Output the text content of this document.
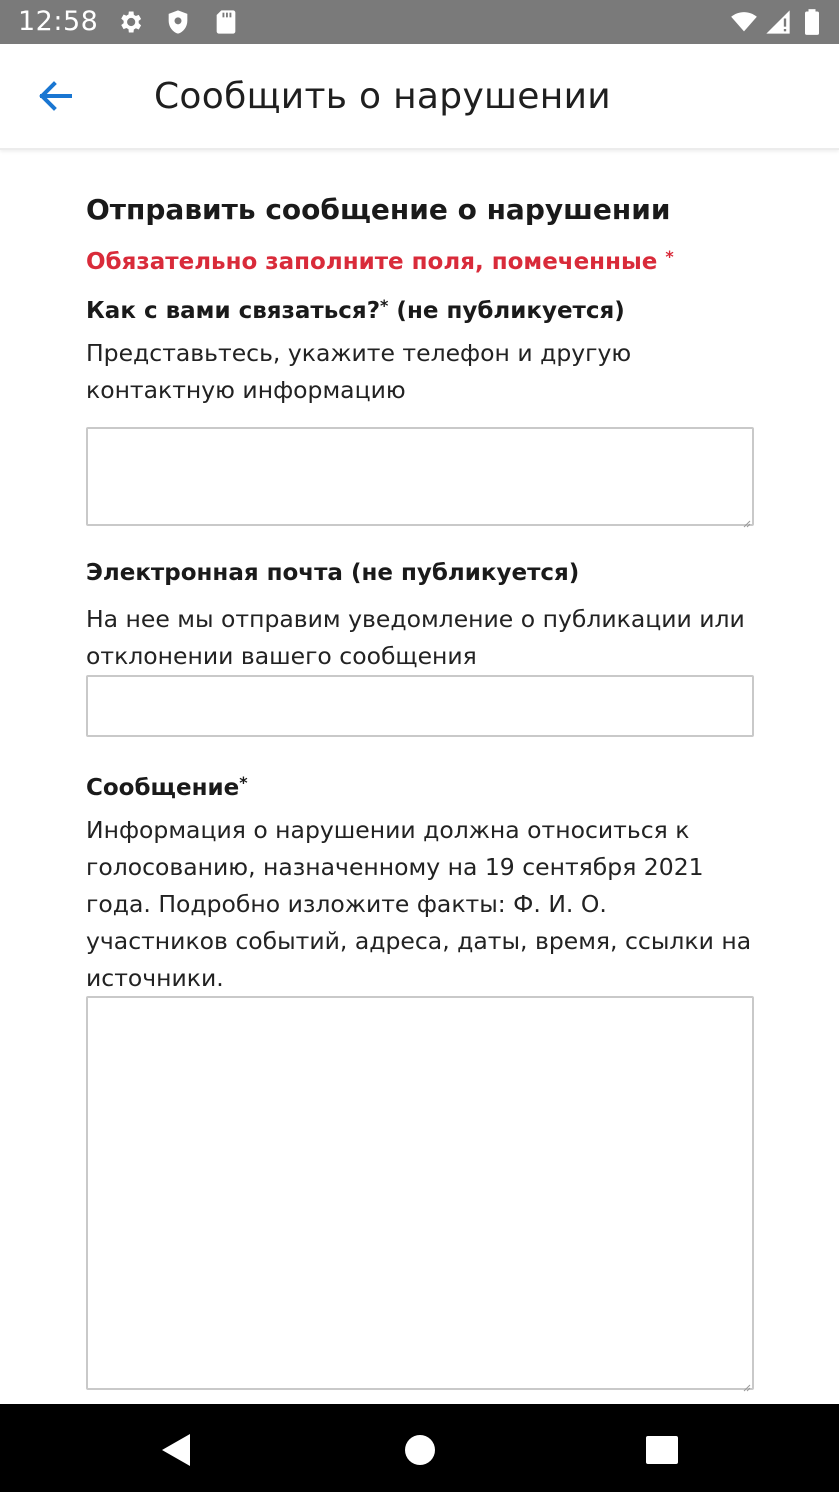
12:58
Сообщить о нарушении
Отправить сообщение о нарушении
Обязательно заполните поля, помеченные *
Как с вами связаться?* (не публикуется)
Представьтесь, укажите телефон и другую контактную информацию
Электронная почта (не публикуется)
На нее мы отправим уведомление о публикации или отклонении вашего сообщения
Сообщение*
Информация о нарушении должна относиться к голосованию, назначенному на 19 сентября 2021 года. Подробно изложите факты: Ф. И. О. участников событий, адреса, даты, время, ссылки на источники.
